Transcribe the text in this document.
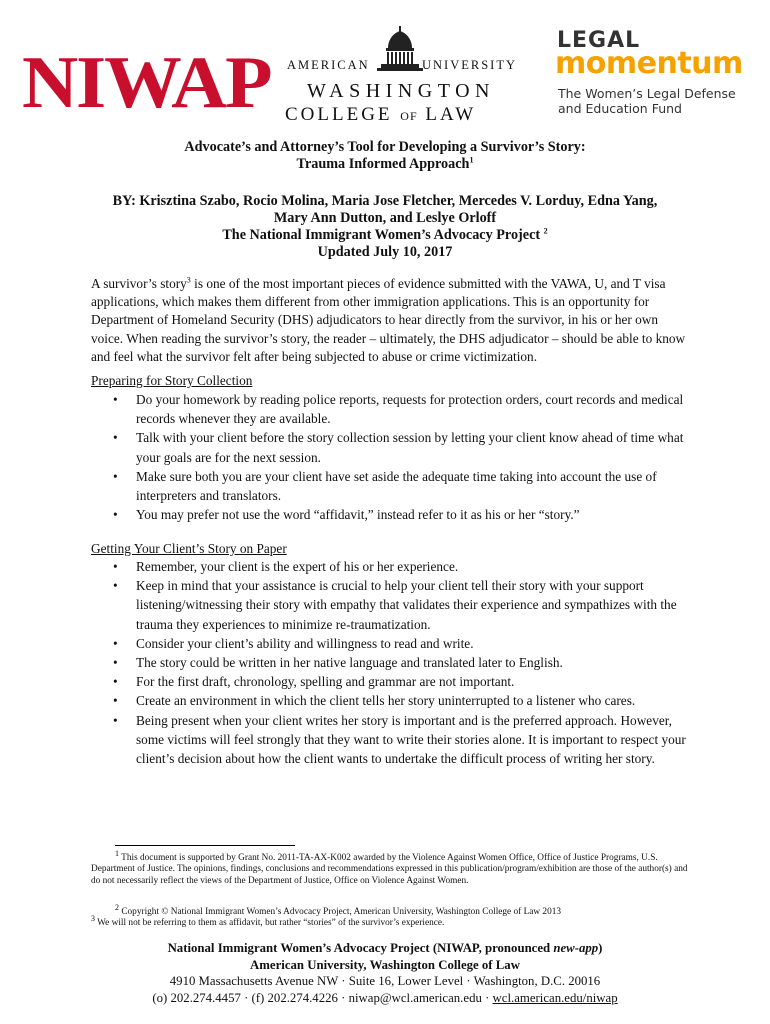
NIWAP AMERICAN	UNIVERSITY
WASHINGTON
COLLEGE OF LAW
LEGAL
momentum
The Women’s Legal Defense
and Education Fund
Advocate’s and Attorney’s Tool for Developing a Survivor’s Story:
Trauma Informed Approach$^1$
BY: Krisztina Szabo, Rocio Molina, Maria Jose Fletcher, Mercedes V. Lorduy, Edna Yang,
Mary Ann Dutton, and Leslye Orloff
The National Immigrant Women’s Advocacy Project $^2$
Updated July 10, 2017
A survivor’s story$^3$ is one of the most important pieces of evidence submitted with the VAWA, U, and T visa applications, which makes them different from other immigration applications. This is an opportunity for Department of Homeland Security (DHS) adjudicators to hear directly from the survivor, in his or her own voice. When reading the survivor’s story, the reader – ultimately, the DHS adjudicator – should be able to know and feel what the survivor felt after being subjected to abuse or crime victimization.
Preparing for Story Collection
• Do your homework by reading police reports, requests for protection orders, court records and medical records whenever they are available.
• Talk with your client before the story collection session by letting your client know ahead of time what your goals are for the next session.
• Make sure both you are your client have set aside the adequate time taking into account the use of interpreters and translators.
• You may prefer not use the word “affidavit,” instead refer to it as his or her “story.”
Getting Your Client’s Story on Paper
• Remember, your client is the expert of his or her experience.
• Keep in mind that your assistance is crucial to help your client tell their story with your support listening/witnessing their story with empathy that validates their experience and sympathizes with the trauma they experiences to minimize re-traumatization.
• Consider your client’s ability and willingness to read and write.
• The story could be written in her native language and translated later to English.
• For the first draft, chronology, spelling and grammar are not important.
• Create an environment in which the client tells her story uninterrupted to a listener who cares.
• Being present when your client writes her story is important and is the preferred approach. However, some victims will feel strongly that they want to write their stories alone. It is important to respect your client’s decision about how the client wants to undertake the difficult process of writing her story.
$^1$ This document is supported by Grant No. 2011-TA-AX-K002 awarded by the Violence Against Women Office, Office of Justice Programs, U.S. Department of Justice. The opinions, findings, conclusions and recommendations expressed in this publication/program/exhibition are those of the author(s) and do not necessarily reflect the views of the Department of Justice, Office on Violence Against Women.
$^2$ Copyright © National Immigrant Women’s Advocacy Project, American University, Washington College of Law 2013
$^3$ We will not be referring to them as affidavit, but rather “stories” of the survivor’s experience.
National Immigrant Women’s Advocacy Project (NIWAP, pronounced new-app)
American University, Washington College of Law
4910 Massachusetts Avenue NW · Suite 16, Lower Level · Washington, D.C. 20016
(o) 202.274.4457 · (f) 202.274.4226 · niwap@wcl.american.edu · wcl.american.edu/niwap
